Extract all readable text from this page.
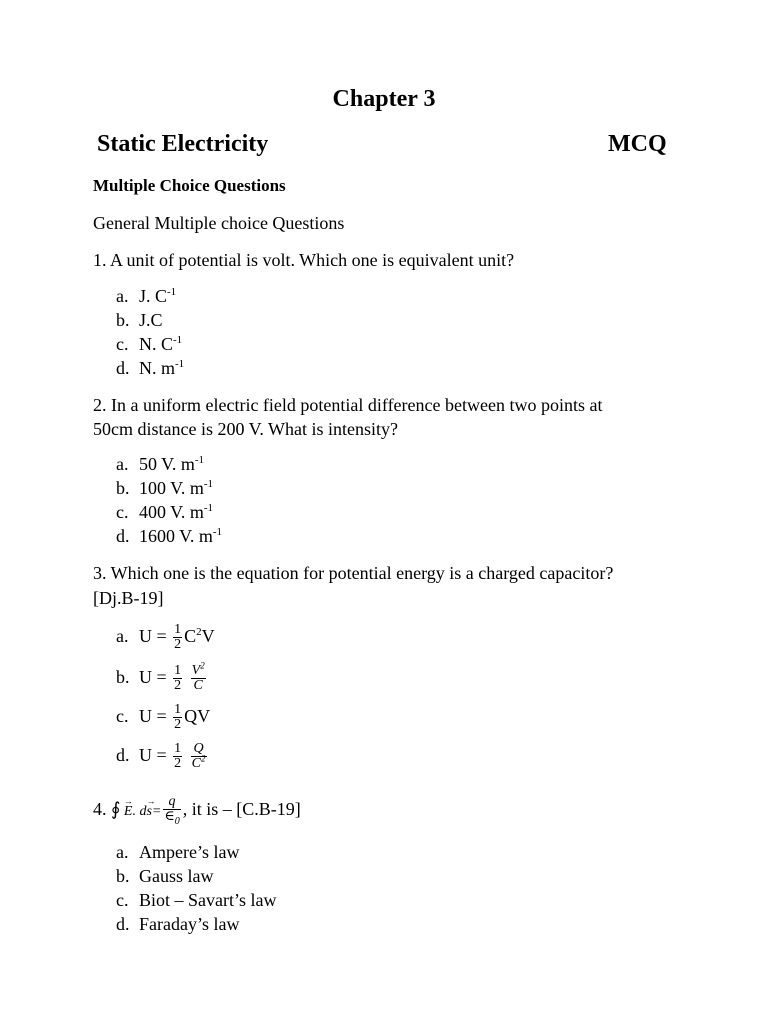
Chapter 3
Static Electricity	MCQ
Multiple Choice Questions
General Multiple choice Questions
1. A unit of potential is volt. Which one is equivalent unit?
a. J. $C^{-1}$
b. J.C
c. N. $C^{-1}$
d. N. $m^{-1}$
2. In a uniform electric field potential difference between two points at
50cm distance is 200 V. What is intensity?
a. 50 V. $m^{-1}$
b. 100 V. $m^{-1}$
c. 400 V. $m^{-1}$
d. 1600 V. $m^{-1}$
3. Which one is the equation for potential energy is a charged capacitor?
[Dj.B-19]
a. $U = \frac{1}{2} C^2V$
b. $U = \frac{1}{2}$
$\frac{V^2}{C}$
c. $U = \frac{1}{2}$ QV
d. $U = \frac{1}{2}$
$\frac{Q}{C^2}$
4. ∮ → E. $d\to s= \frac{q}{\in_0}$ , it is – [C.B-19]
a. Ampere’s law
b. Gauss law
c. Biot – Savart’s law
d. Faraday’s law
